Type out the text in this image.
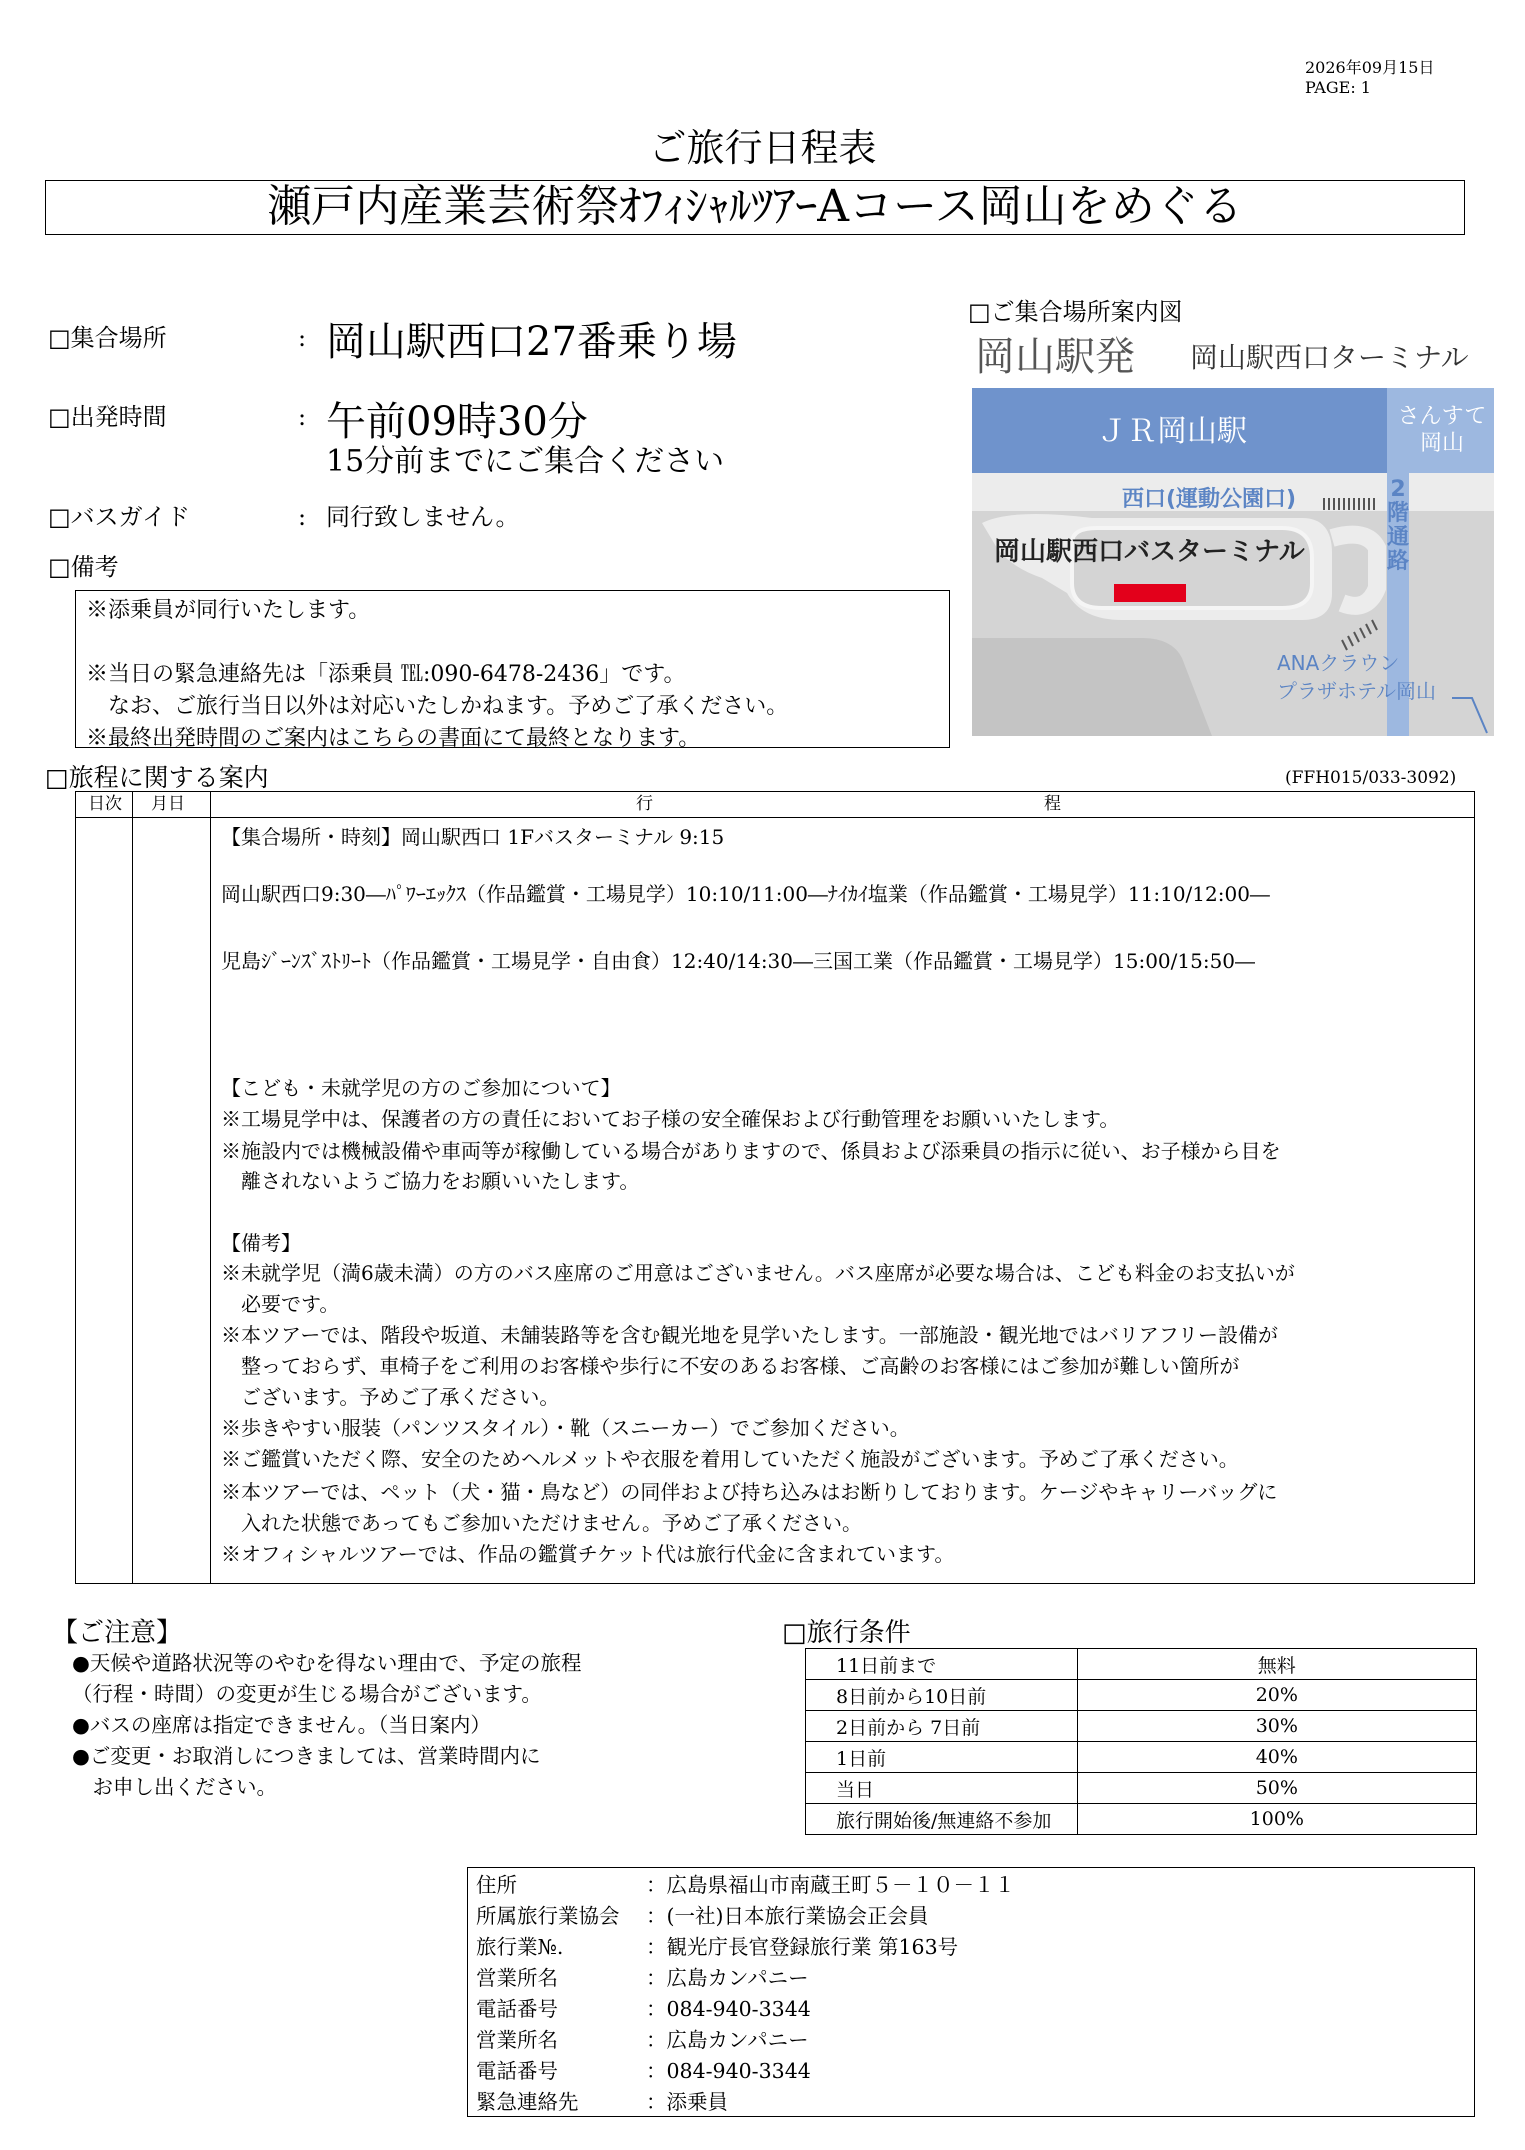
2026年09月15日
PAGE: 1
ご旅行日程表
瀬戸内産業芸術祭ｵﾌｨｼｬﾙﾂｱｰAコース岡山をめぐる
□集合場所	: 岡山駅西口27番乗り場
□出発時間	: 午前09時30分
15分前までにご集合ください
□バスガイド	: 同行致しません。
□備考
※添乗員が同行いたします。
※当日の緊急連絡先は「添乗員 ℡:090-6478-2436」です。
　なお、ご旅行当日以外は対応いたしかねます。予めご了承ください。
※最終出発時間のご案内はこちらの書面にて最終となります。
□ご集合場所案内図
岡山駅発 岡山駅西口ターミナル
ＪＲ岡山駅	さんすて
岡山
西口(運動公園口)	2
階
通
路
岡山駅西口バスターミナル
ANAクラウン
プラザホテル岡山
□旅程に関する案内	(FFH015/033-3092)
日次 月日	行	程
【集合場所・時刻】岡山駅西口 1Fバスターミナル 9:15
岡山駅西口9:30―ﾊﾟﾜｰｴｯｸｽ（作品鑑賞・工場見学）10:10/11:00―ﾅｲｶｲ塩業（作品鑑賞・工場見学）11:10/12:00―
児島ｼﾞｰﾝｽﾞｽﾄﾘｰﾄ（作品鑑賞・工場見学・自由食）12:40/14:30―三国工業（作品鑑賞・工場見学）15:00/15:50―
【こども・未就学児の方のご参加について】
※工場見学中は、保護者の方の責任においてお子様の安全確保および行動管理をお願いいたします。
※施設内では機械設備や車両等が稼働している場合がありますので、係員および添乗員の指示に従い、お子様から目を
　離されないようご協力をお願いいたします。
【備考】
※未就学児（満6歳未満）の方のバス座席のご用意はございません。バス座席が必要な場合は、こども料金のお支払いが
　必要です。
※本ツアーでは、階段や坂道、未舗装路等を含む観光地を見学いたします。一部施設・観光地ではバリアフリー設備が
　整っておらず、車椅子をご利用のお客様や歩行に不安のあるお客様、ご高齢のお客様にはご参加が難しい箇所が
　ございます。予めご了承ください。
※歩きやすい服装（パンツスタイル）・靴（スニーカー）でご参加ください。
※ご鑑賞いただく際、安全のためヘルメットや衣服を着用していただく施設がございます。予めご了承ください。
※本ツアーでは、ペット（犬・猫・鳥など）の同伴および持ち込みはお断りしております。ケージやキャリーバッグに
　入れた状態であってもご参加いただけません。予めご了承ください。
※オフィシャルツアーでは、作品の鑑賞チケット代は旅行代金に含まれています。
【ご注意】
●天候や道路状況等のやむを得ない理由で、予定の旅程
（行程・時間）の変更が生じる場合がございます。
●バスの座席は指定できません。（当日案内）
●ご変更・お取消しにつきましては、営業時間内に
　お申し出ください。
□旅行条件
11日前まで	無料
8日前から10日前	20%
2日前から 7日前	30%
1日前	40%
当日	50%
旅行開始後/無連絡不参加	100%
住所	：広島県福山市南蔵王町５－１０－１１
所属旅行業協会 ：(一社)日本旅行業協会正会員
旅行業№.	：観光庁長官登録旅行業 第163号
営業所名	：広島カンパニー
電話番号	：084-940-3344
営業所名	：広島カンパニー
電話番号	：084-940-3344
緊急連絡先	：添乗員
